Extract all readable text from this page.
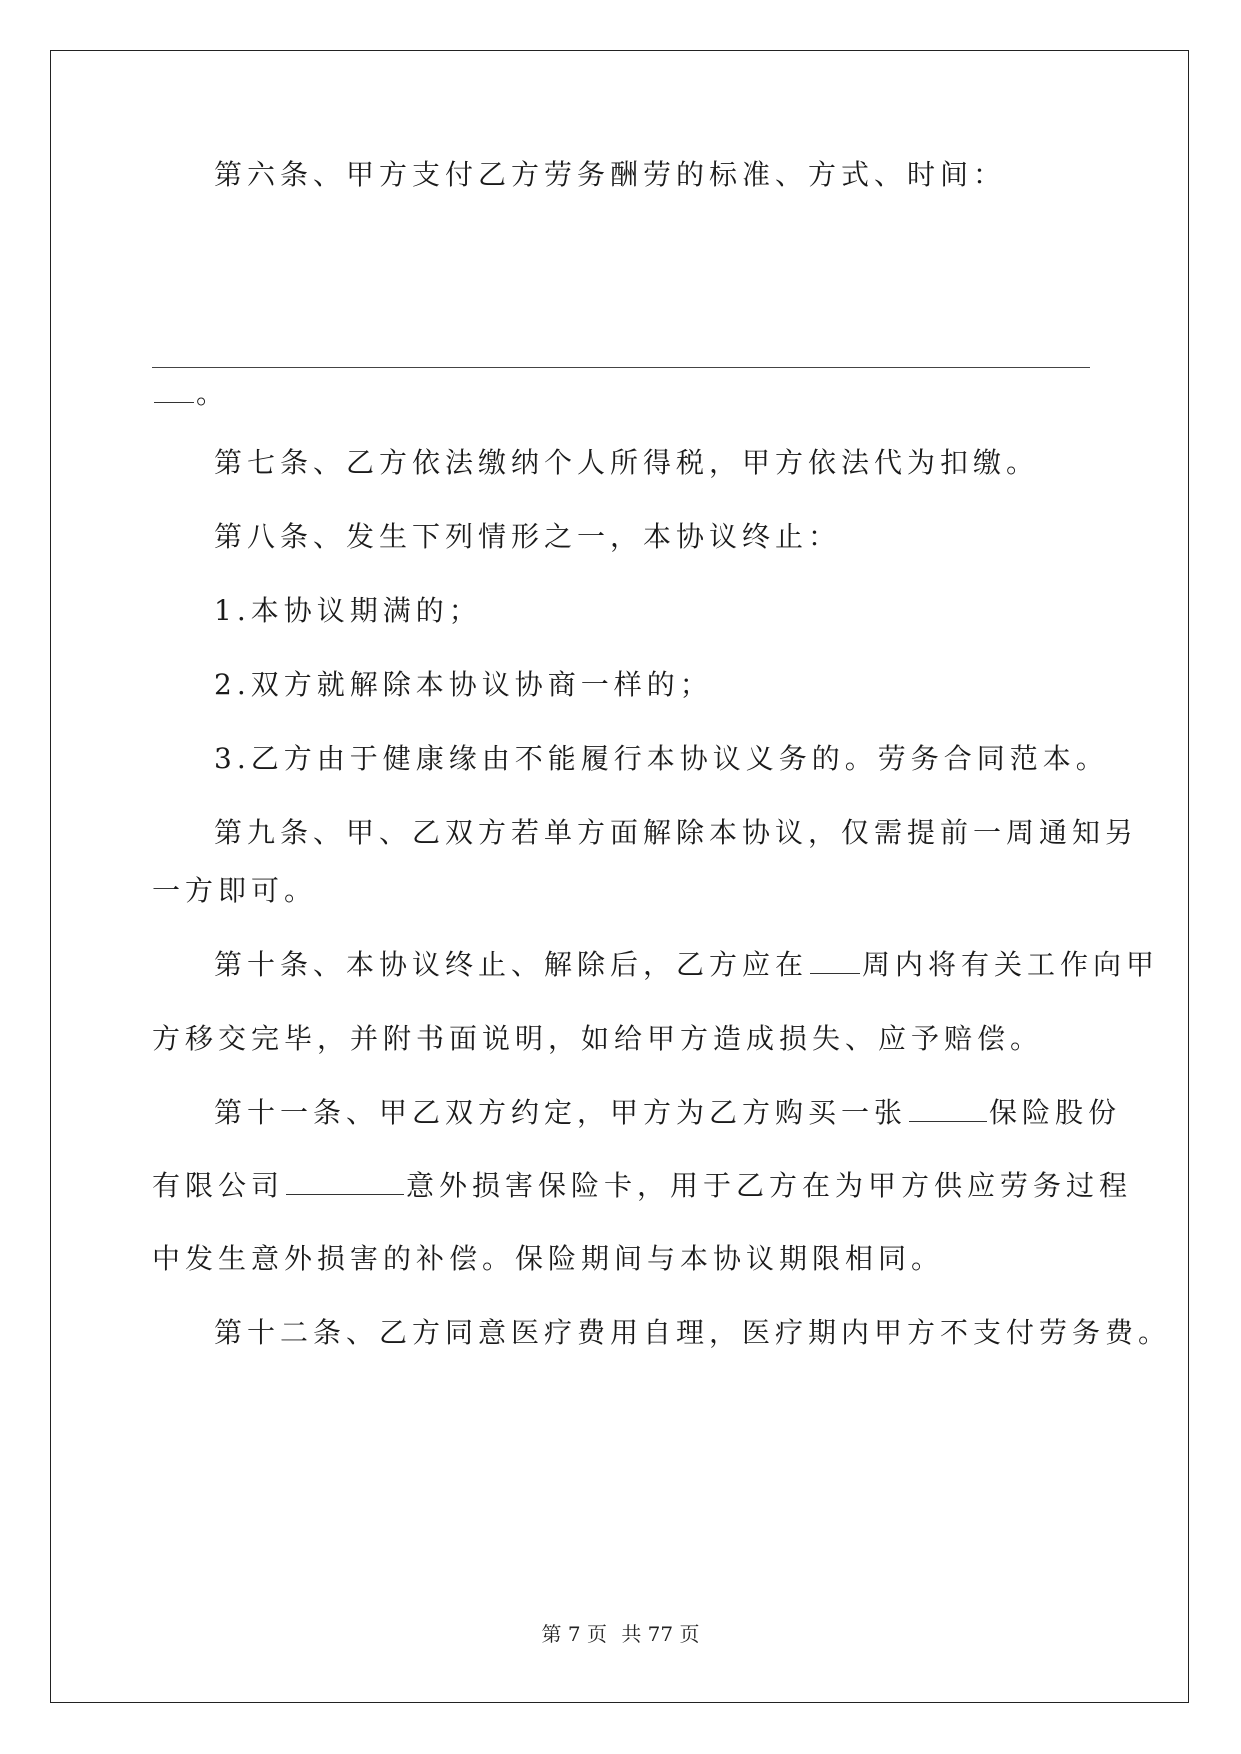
第六条、甲方支付乙方劳务酬劳的标准、方式、时间：
。
第七条、乙方依法缴纳个人所得税，甲方依法代为扣缴。
第八条、发生下列情形之一，本协议终止：
1.本协议期满的；
2.双方就解除本协议协商一样的；
3.乙方由于健康缘由不能履行本协议义务的。劳务合同范本。
第九条、甲、乙双方若单方面解除本协议，仅需提前一周通知另
一方即可。
第十条、本协议终止、解除后，乙方应在 周内将有关工作向甲
方移交完毕，并附书面说明，如给甲方造成损失、应予赔偿。
第十一条、甲乙双方约定，甲方为乙方购买一张	保险股份
有限公司	意外损害保险卡，用于乙方在为甲方供应劳务过程
中发生意外损害的补偿。保险期间与本协议期限相同。
第十二条、乙方同意医疗费用自理，医疗期内甲方不支付劳务费。
第 7 页 共 77 页
